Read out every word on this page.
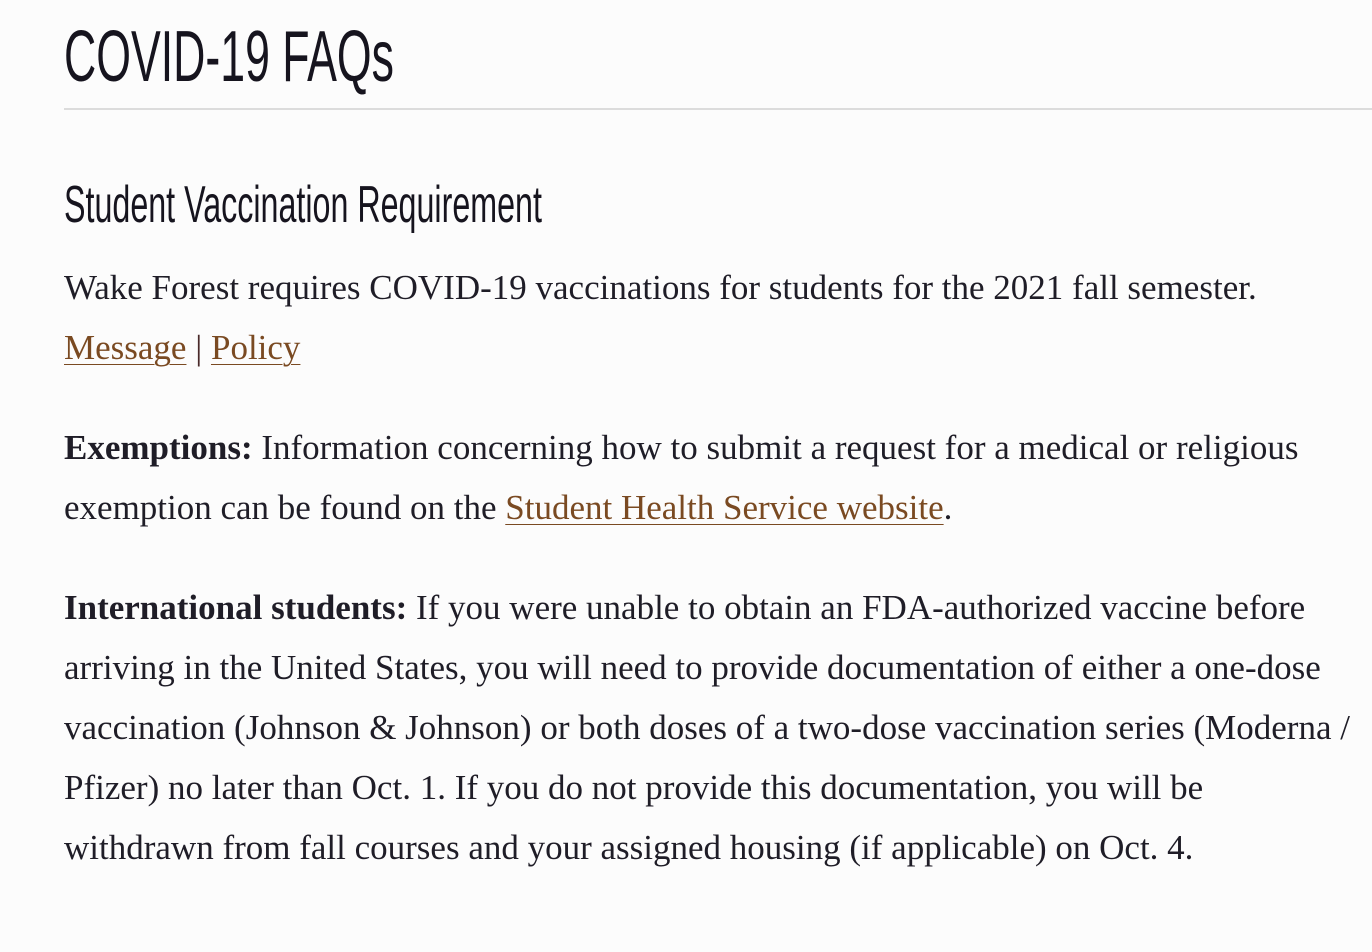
COVID-19 FAQs
Student Vaccination Requirement

Wake Forest requires COVID-19 vaccinations for students for the 2021 fall semester. Message | Policy

Exemptions: Information concerning how to submit a request for a medical or religious exemption can be found on the Student Health Service website.

International students: If you were unable to obtain an FDA-authorized vaccine before arriving in the United States, you will need to provide documentation of either a one-dose vaccination (Johnson & Johnson) or both doses of a two-dose vaccination series (Moderna / Pfizer) no later than Oct. 1. If you do not provide this documentation, you will be withdrawn from fall courses and your assigned housing (if applicable) on Oct. 4.
